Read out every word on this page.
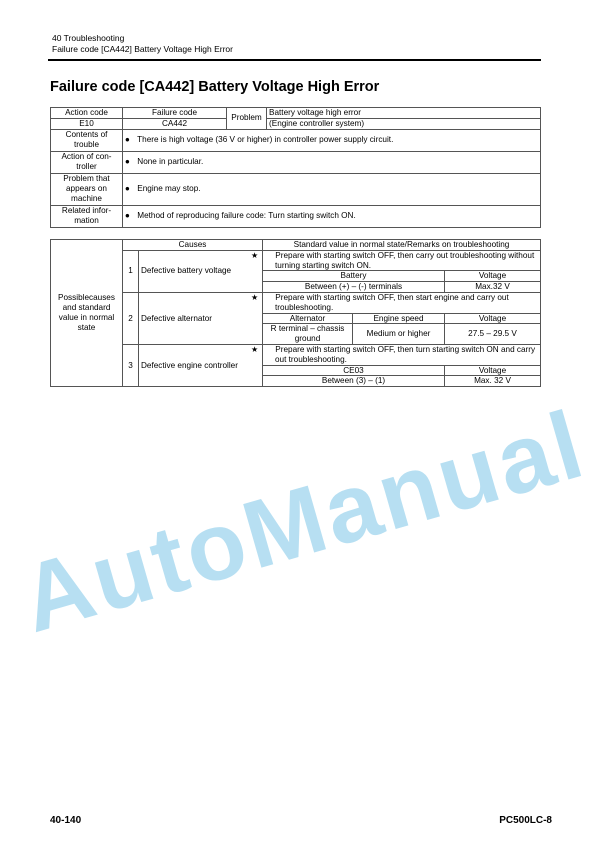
40 Troubleshooting
Failure code [CA442] Battery Voltage High Error
Failure code [CA442] Battery Voltage High Error
Action code	Failure code	Problem	Battery voltage high error
E10	CA442		(Engine controller system)
Contents of trouble	● There is high voltage (36 V or higher) in controller power supply circuit.		
Action of con- troller	● None in particular.		
Problem that appears on machine	● Engine may stop.		
Related infor- mation	● Method of reproducing failure code: Turn starting switch ON.		
Possiblecauses and standard value in normal state	Causes		Standard value in normal state/Remarks on troubleshooting		
	1	Defective battery voltage	★ Prepare with starting switch OFF, then carry out troubleshooting without turning starting switch ON.		
			Battery		Voltage
			Between (+) – (-) terminals		Max.32 V
	2	Defective alternator	★ Prepare with starting switch OFF, then start engine and carry out troubleshooting.		
			Alternator	Engine speed	Voltage
			R terminal – chassis ground	Medium or higher	27.5 – 29.5 V
	3	Defective engine controller	★ Prepare with starting switch OFF, then turn starting switch ON and carry out troubleshooting.		
			CE03		Voltage
			Between (3) – (1)		Max. 32 V
AutoManual
40-140	PC500LC-8
